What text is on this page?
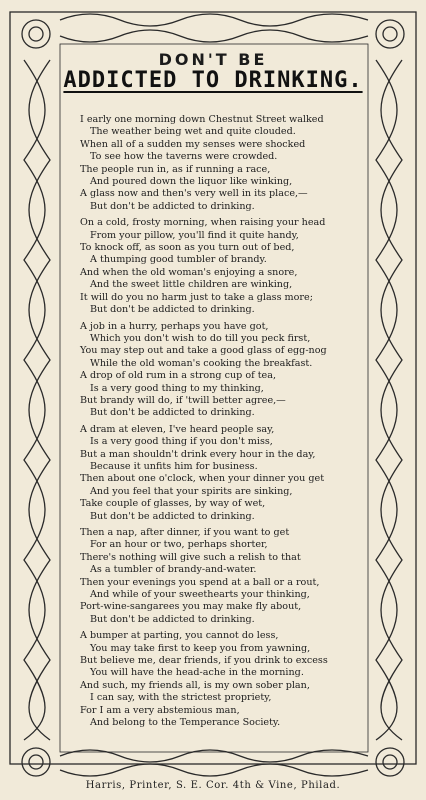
DON'T BE
ADDICTED TO DRINKING.
I early one morning down Chestnut Street walked
The weather being wet and quite clouded.
When all of a sudden my senses were shocked
To see how the taverns were crowded.
The people run in, as if running a race,
And poured down the liquor like winking,
A glass now and then's very well in its place,—
But don't be addicted to drinking.
On a cold, frosty morning, when raising your head
From your pillow, you'll find it quite handy,
To knock off, as soon as you turn out of bed,
A thumping good tumbler of brandy.
And when the old woman's enjoying a snore,
And the sweet little children are winking,
It will do you no harm just to take a glass more;
But don't be addicted to drinking.
A job in a hurry, perhaps you have got,
Which you don't wish to do till you peck first,
You may step out and take a good glass of egg-nog
While the old woman's cooking the breakfast.
A drop of old rum in a strong cup of tea,
Is a very good thing to my thinking,
But brandy will do, if 'twill better agree,—
But don't be addicted to drinking.
A dram at eleven, I've heard people say,
Is a very good thing if you don't miss,
But a man shouldn't drink every hour in the day,
Because it unfits him for business.
Then about one o'clock, when your dinner you get
And you feel that your spirits are sinking,
Take couple of glasses, by way of wet,
But don't be addicted to drinking.
Then a nap, after dinner, if you want to get
For an hour or two, perhaps shorter,
There's nothing will give such a relish to that
As a tumbler of brandy-and-water.
Then your evenings you spend at a ball or a rout,
And while of your sweethearts your thinking,
Port-wine-sangarees you may make fly about,
But don't be addicted to drinking.
A bumper at parting, you cannot do less,
You may take first to keep you from yawning,
But believe me, dear friends, if you drink to excess
You will have the head-ache in the morning.
And such, my friends all, is my own sober plan,
I can say, with the strictest propriety,
For I am a very abstemious man,
And belong to the Temperance Society.
Harris, Printer, S. E. Cor. 4th & Vine, Philad.
